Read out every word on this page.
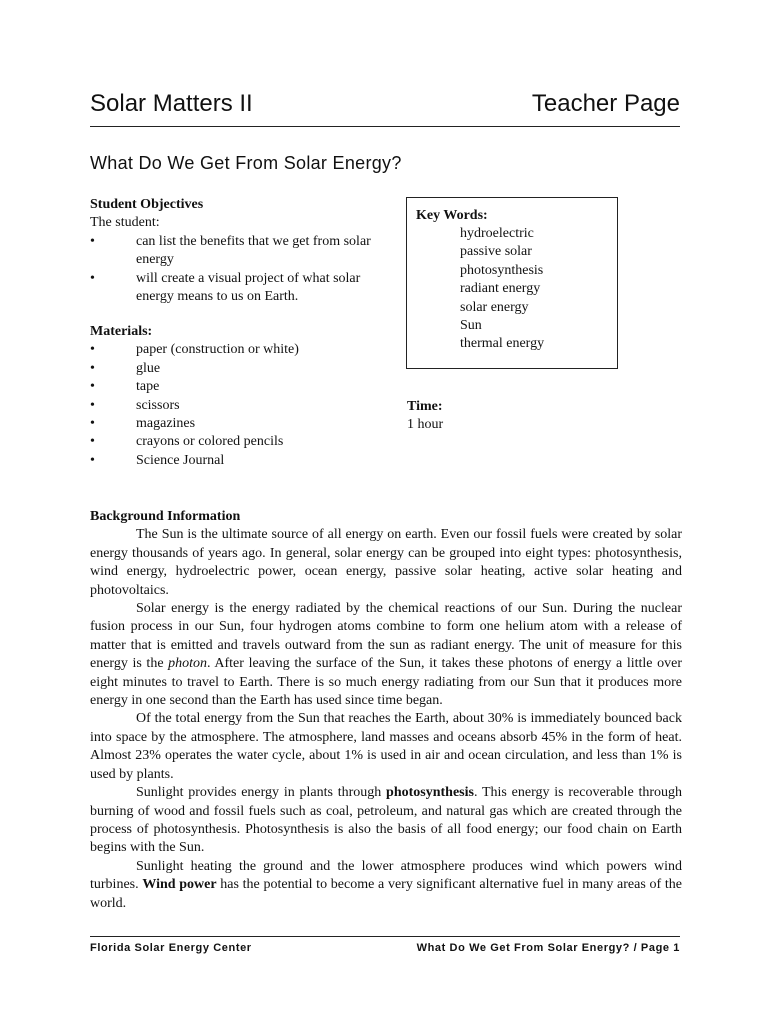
Solar Matters II	Teacher Page
What Do We Get From Solar Energy?
Student Objectives
The student:
•	can list the benefits that we get from solar energy
•	will create a visual project of what solar energy means to us on Earth.
Materials:
•	paper (construction or white)
•	glue
•	tape
•	scissors
•	magazines
•	crayons or colored pencils
•	Science Journal
Key Words:
hydroelectric
passive solar
photosynthesis
radiant energy
solar energy
Sun
thermal energy
Time:
1 hour

Background Information

The Sun is the ultimate source of all energy on earth. Even our fossil fuels were created by solar energy thousands of years ago. In general, solar energy can be grouped into eight types: photosynthesis, wind energy, hydroelectric power, ocean energy, passive solar heating, active solar heating and photovoltaics.

Solar energy is the energy radiated by the chemical reactions of our Sun. During the nuclear fusion process in our Sun, four hydrogen atoms combine to form one helium atom with a release of matter that is emitted and travels outward from the sun as radiant energy. The unit of measure for this energy is the photon. After leaving the surface of the Sun, it takes these photons of energy a little over eight minutes to travel to Earth. There is so much energy radiating from our Sun that it produces more energy in one second than the Earth has used since time began.

Of the total energy from the Sun that reaches the Earth, about 30% is immediately bounced back into space by the atmosphere. The atmosphere, land masses and oceans absorb 45% in the form of heat. Almost 23% operates the water cycle, about 1% is used in air and ocean circulation, and less than 1% is used by plants.

Sunlight provides energy in plants through photosynthesis. This energy is recoverable through burning of wood and fossil fuels such as coal, petroleum, and natural gas which are created through the process of photosynthesis. Photosynthesis is also the basis of all food energy; our food chain on Earth begins with the Sun.

Sunlight heating the ground and the lower atmosphere produces wind which powers wind turbines. Wind power has the potential to become a very significant alternative fuel in many areas of the world.

Florida Solar Energy Center	What Do We Get From Solar Energy? / Page 1
